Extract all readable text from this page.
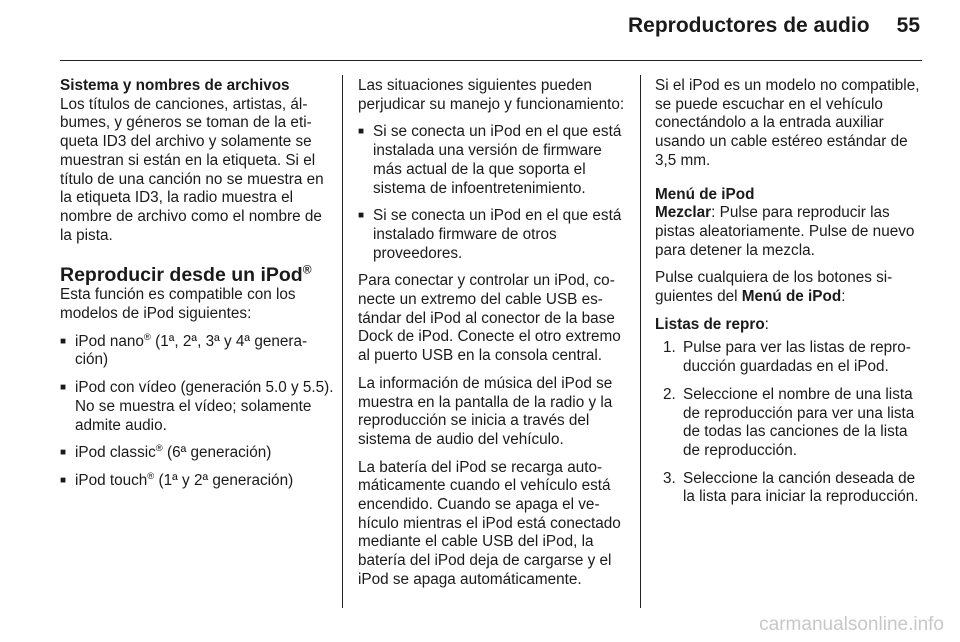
Reproductores de audio 55
Sistema y nombres de archivos

Los títulos de canciones, artistas, álbumes, y géneros se toman de la etiqueta ID3 del archivo y solamente se muestran si están en la etiqueta. Si el título de una canción no se muestra en la etiqueta ID3, la radio muestra el nombre de archivo como el nombre de la pista.

Reproducir desde un iPod®

Esta función es compatible con los modelos de iPod siguientes:

■ iPod nano® (1ª, 2ª, 3ª y 4ª generación)
■ iPod con vídeo (generación 5.0 y 5.5). No se muestra el vídeo; solamente admite audio.
■ iPod classic® (6ª generación)
■ iPod touch® (1ª y 2ª generación)

Las situaciones siguientes pueden perjudicar su manejo y funcionamiento:

■ Si se conecta un iPod en el que está instalada una versión de firmware más actual de la que soporta el sistema de infoentretenimiento.
■ Si se conecta un iPod en el que está instalado firmware de otros proveedores.

Para conectar y controlar un iPod, conecte un extremo del cable USB estándar del iPod al conector de la base Dock de iPod. Conecte el otro extremo al puerto USB en la consola central.

La información de música del iPod se muestra en la pantalla de la radio y la reproducción se inicia a través del sistema de audio del vehículo.

La batería del iPod se recarga automáticamente cuando el vehículo está encendido. Cuando se apaga el vehículo mientras el iPod está conectado mediante el cable USB del iPod, la batería del iPod deja de cargarse y el iPod se apaga automáticamente.

Si el iPod es un modelo no compatible, se puede escuchar en el vehículo conectándolo a la entrada auxiliar usando un cable estéreo estándar de 3,5 mm.

Menú de iPod

Mezclar: Pulse para reproducir las pistas aleatoriamente. Pulse de nuevo para detener la mezcla.

Pulse cualquiera de los botones siguientes del Menú de iPod:

Listas de repro:
1. Pulse para ver las listas de reproducción guardadas en el iPod.
2. Seleccione el nombre de una lista de reproducción para ver una lista de todas las canciones de la lista de reproducción.
3. Seleccione la canción deseada de la lista para iniciar la reproducción.
carmanualsonline.info
